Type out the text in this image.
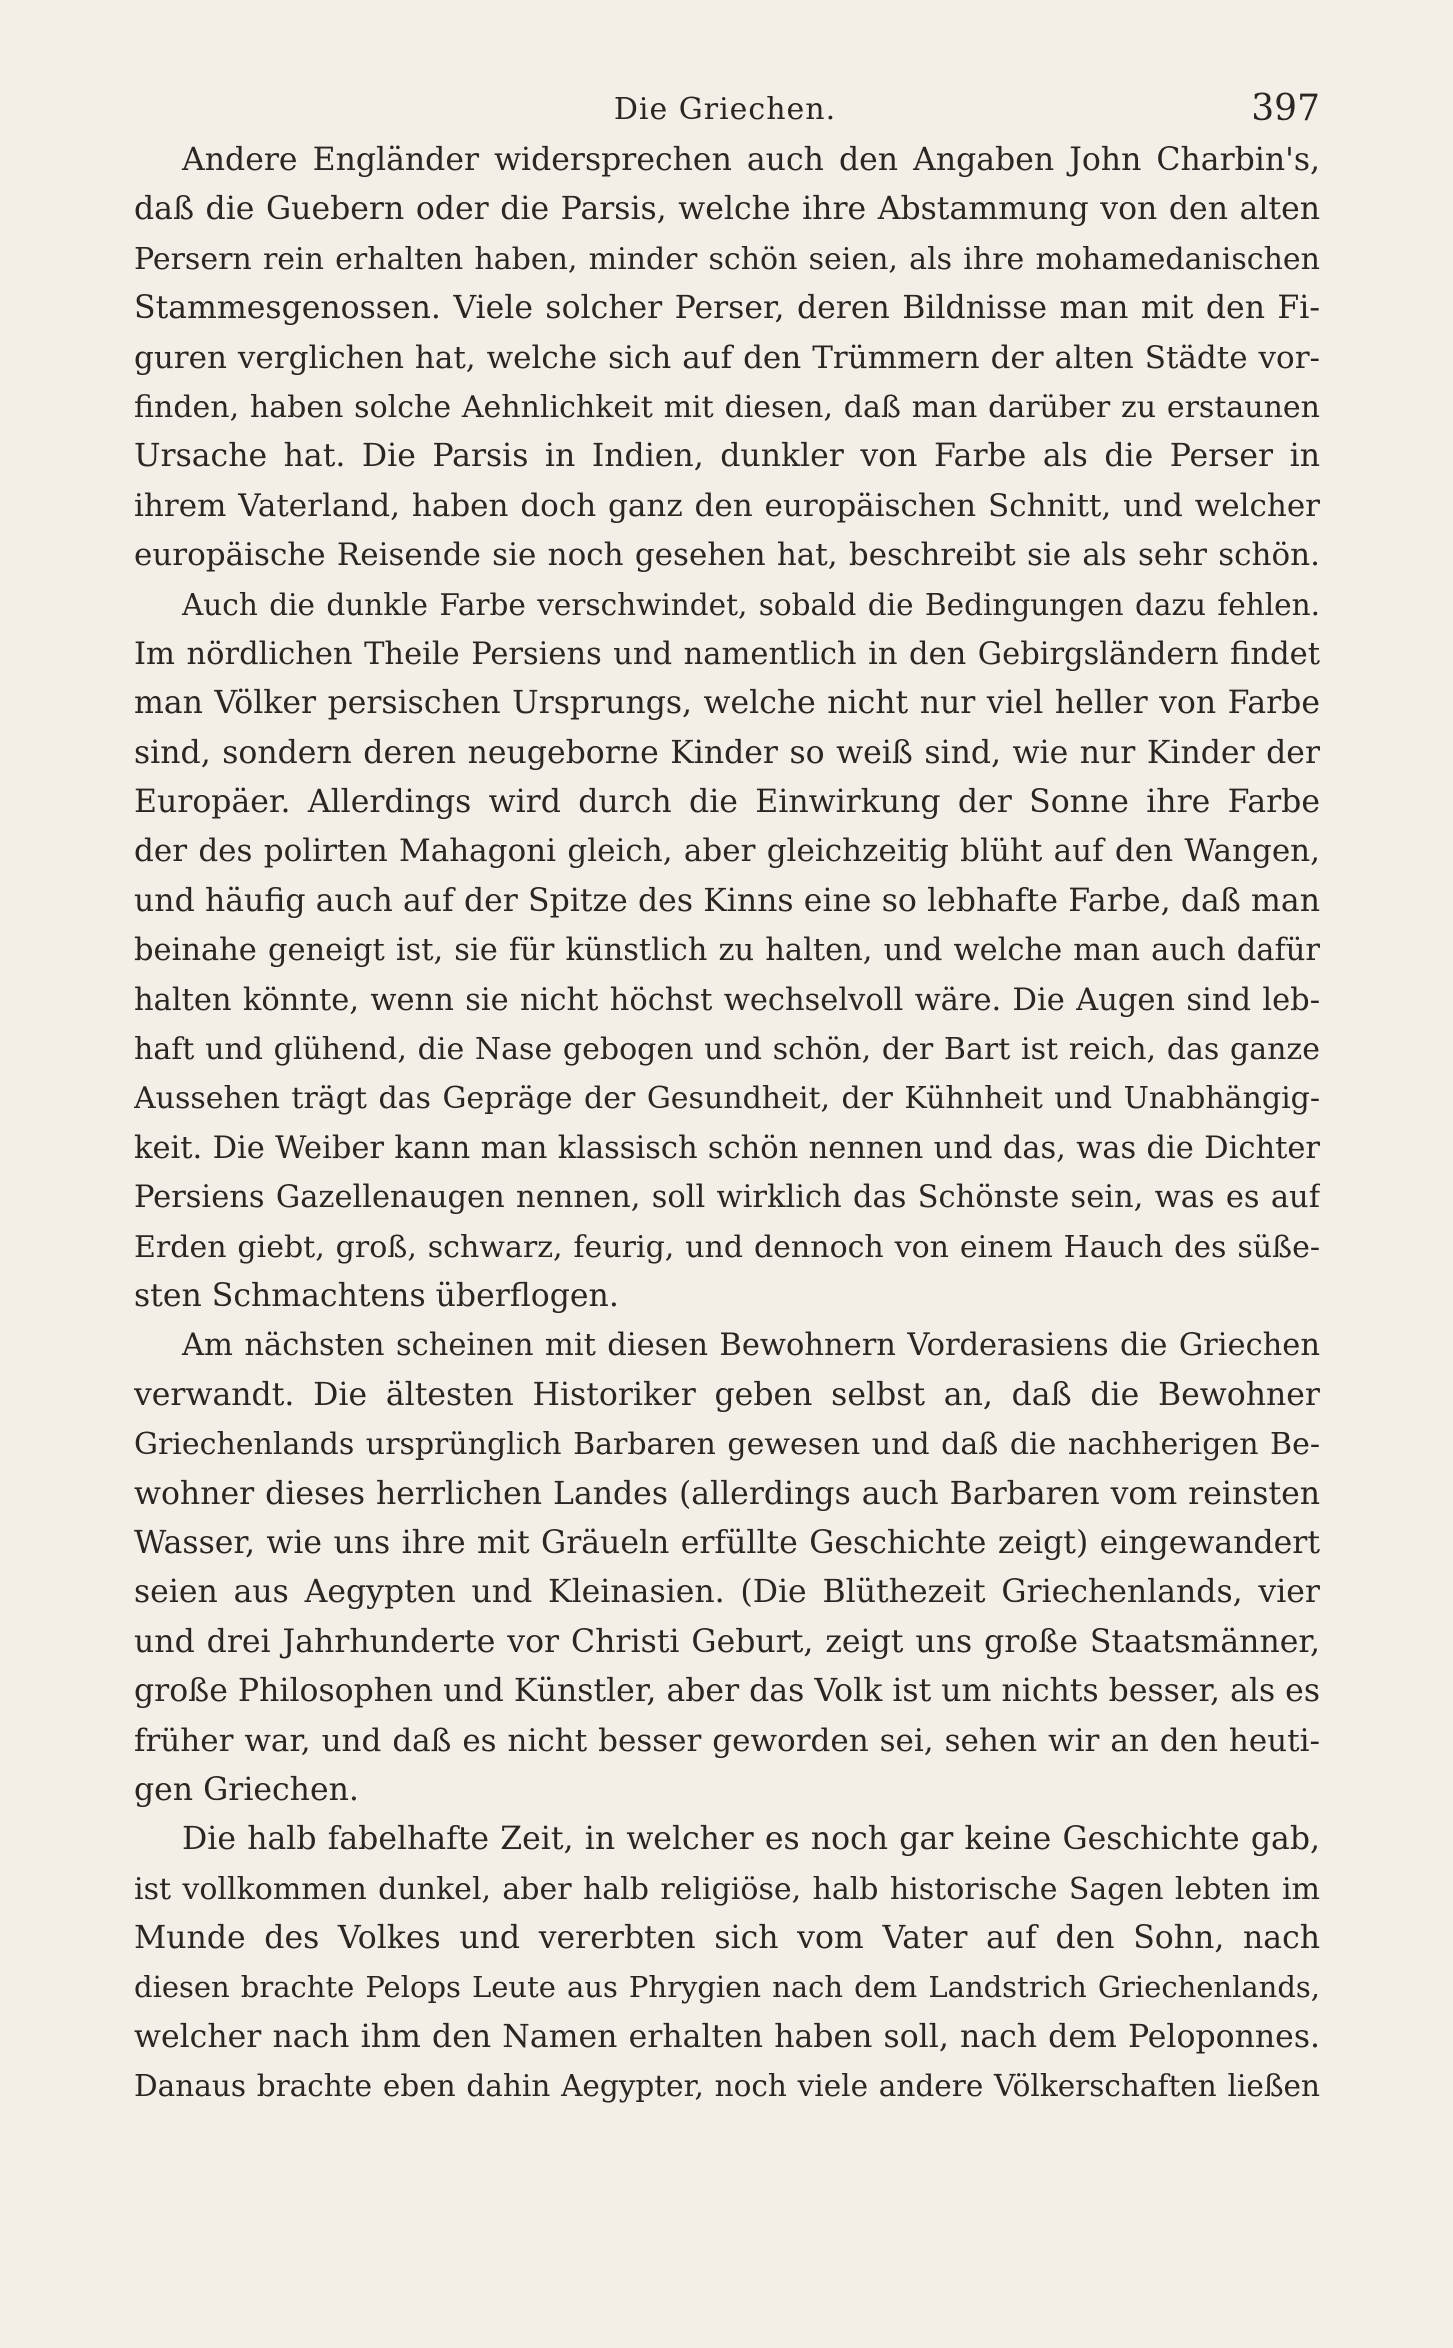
Die Griechen.	397
Andere Engländer widersprechen auch den Angaben John Charbin's,
daß die Guebern oder die Parsis, welche ihre Abstammung von den alten
Persern rein erhalten haben, minder schön seien, als ihre mohamedanischen
Stammesgenossen. Viele solcher Perser, deren Bildnisse man mit den Fi-
guren verglichen hat, welche sich auf den Trümmern der alten Städte vor-
finden, haben solche Aehnlichkeit mit diesen, daß man darüber zu erstaunen
Ursache hat. Die Parsis in Indien, dunkler von Farbe als die Perser in
ihrem Vaterland, haben doch ganz den europäischen Schnitt, und welcher
europäische Reisende sie noch gesehen hat, beschreibt sie als sehr schön.
Auch die dunkle Farbe verschwindet, sobald die Bedingungen dazu fehlen.
Im nördlichen Theile Persiens und namentlich in den Gebirgsländern findet
man Völker persischen Ursprungs, welche nicht nur viel heller von Farbe
sind, sondern deren neugeborne Kinder so weiß sind, wie nur Kinder der
Europäer. Allerdings wird durch die Einwirkung der Sonne ihre Farbe
der des polirten Mahagoni gleich, aber gleichzeitig blüht auf den Wangen,
und häufig auch auf der Spitze des Kinns eine so lebhafte Farbe, daß man
beinahe geneigt ist, sie für künstlich zu halten, und welche man auch dafür
halten könnte, wenn sie nicht höchst wechselvoll wäre. Die Augen sind leb-
haft und glühend, die Nase gebogen und schön, der Bart ist reich, das ganze
Aussehen trägt das Gepräge der Gesundheit, der Kühnheit und Unabhängig-
keit. Die Weiber kann man klassisch schön nennen und das, was die Dichter
Persiens Gazellenaugen nennen, soll wirklich das Schönste sein, was es auf
Erden giebt, groß, schwarz, feurig, und dennoch von einem Hauch des süße-
sten Schmachtens überflogen.
Am nächsten scheinen mit diesen Bewohnern Vorderasiens die Griechen
verwandt. Die ältesten Historiker geben selbst an, daß die Bewohner
Griechenlands ursprünglich Barbaren gewesen und daß die nachherigen Be-
wohner dieses herrlichen Landes (allerdings auch Barbaren vom reinsten
Wasser, wie uns ihre mit Gräueln erfüllte Geschichte zeigt) eingewandert
seien aus Aegypten und Kleinasien. (Die Blüthezeit Griechenlands, vier
und drei Jahrhunderte vor Christi Geburt, zeigt uns große Staatsmänner,
große Philosophen und Künstler, aber das Volk ist um nichts besser, als es
früher war, und daß es nicht besser geworden sei, sehen wir an den heuti-
gen Griechen.
Die halb fabelhafte Zeit, in welcher es noch gar keine Geschichte gab,
ist vollkommen dunkel, aber halb religiöse, halb historische Sagen lebten im
Munde des Volkes und vererbten sich vom Vater auf den Sohn, nach
diesen brachte Pelops Leute aus Phrygien nach dem Landstrich Griechenlands,
welcher nach ihm den Namen erhalten haben soll, nach dem Peloponnes.
Danaus brachte eben dahin Aegypter, noch viele andere Völkerschaften ließen
